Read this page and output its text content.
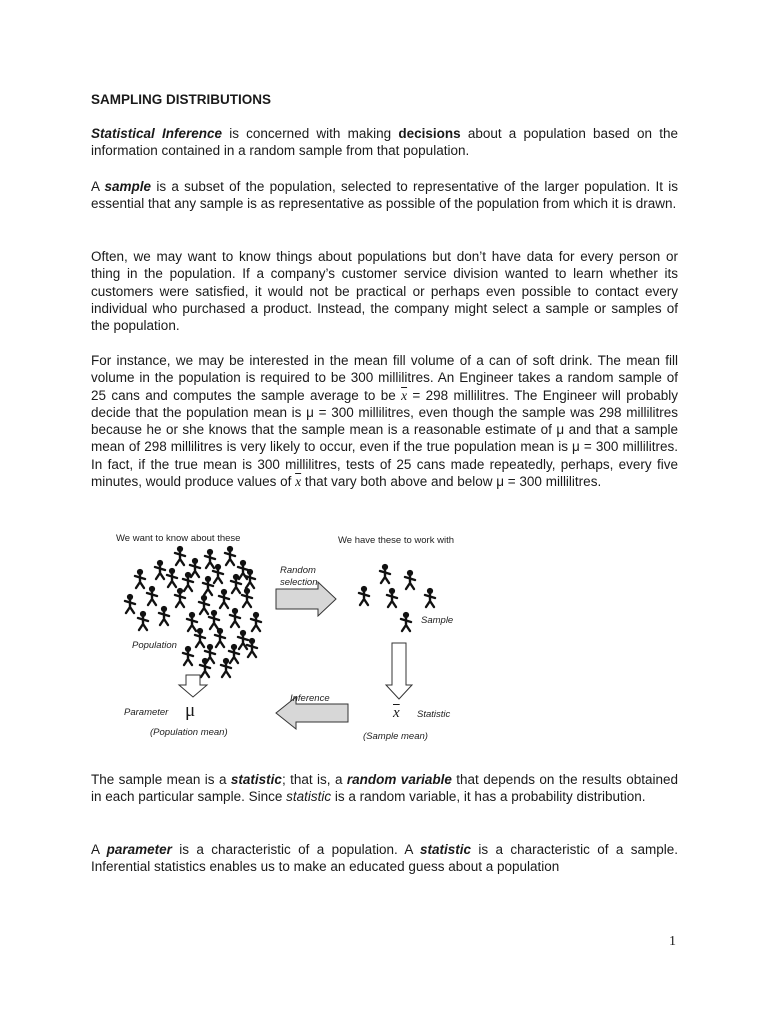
SAMPLING DISTRIBUTIONS

Statistical Inference is concerned with making decisions about a population based on the information contained in a random sample from that population.

A sample is a subset of the population, selected to representative of the larger population. It is essential that any sample is as representative as possible of the population from which it is drawn.

Often, we may want to know things about populations but don’t have data for every person or thing in the population. If a company’s customer service division wanted to learn whether its customers were satisfied, it would not be practical or perhaps even possible to contact every individual who purchased a product. Instead, the company might select a sample or samples of the population.

For instance, we may be interested in the mean fill volume of a can of soft drink. The mean fill volume in the population is required to be 300 millilitres. An Engineer takes a random sample of 25 cans and computes the sample average to be $\overline{x} = 298$ millilitres. The Engineer will probably decide that the population mean is μ = 300 millilitres, even though the sample was 298 millilitres because he or she knows that the sample mean is a reasonable estimate of μ and that a sample mean of 298 millilitres is very likely to occur, even if the true population mean is μ = 300 millilitres. In fact, if the true mean is 300 millilitres, tests of 25 cans made repeatedly, perhaps, every five minutes, would produce values of $\overline{x}$ that vary both above and below μ = 300 millilitres.

The sample mean is a statistic; that is, a random variable that depends on the results obtained in each particular sample. Since statistic is a random variable, it has a probability distribution.

A parameter is a characteristic of a population. A statistic is a characteristic of a sample. Inferential statistics enables us to make an educated guess about a population

We want to know about these	We have these to work with
Random
selection
Population
Sample
Parameter μ
Inference
$\overline{x}$ Statistic
(Population mean)	(Sample mean)
1
